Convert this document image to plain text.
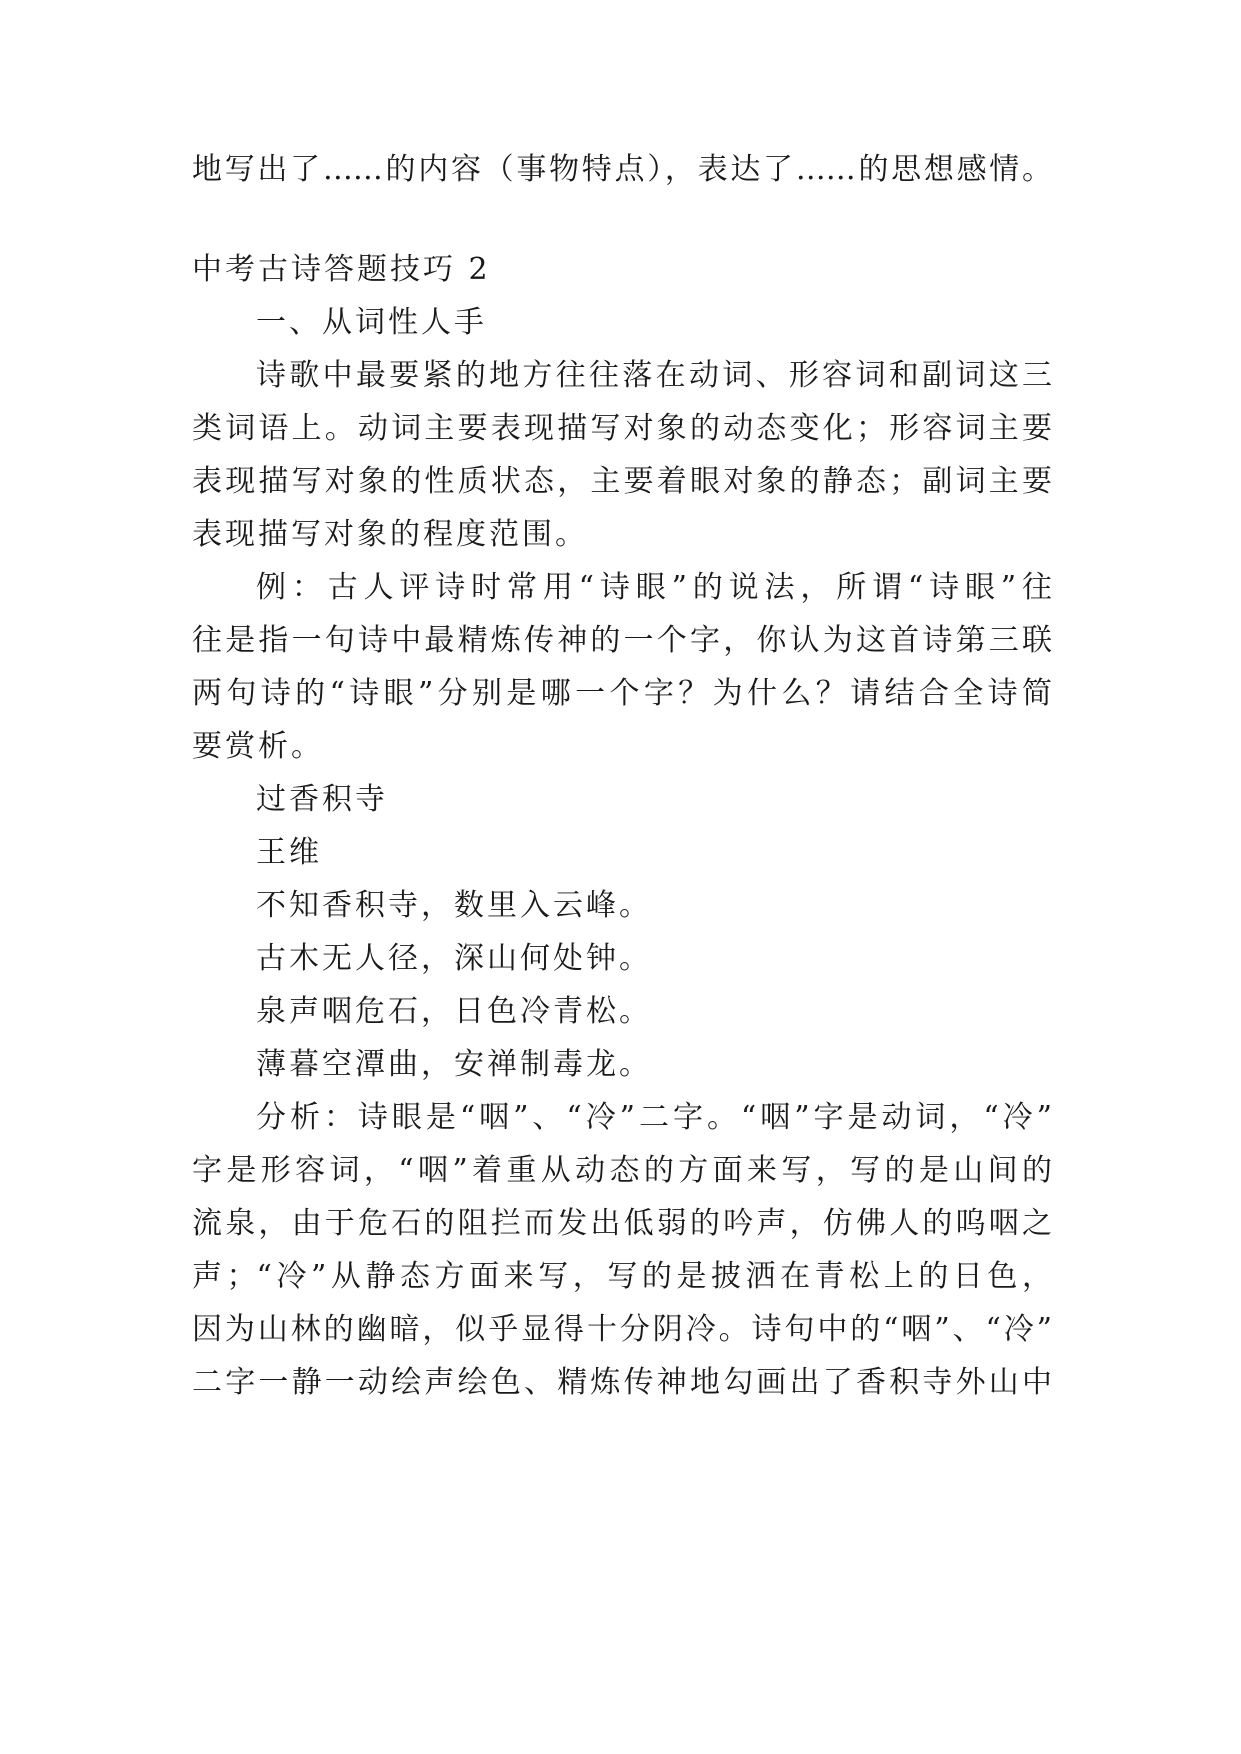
地写出了……的内容（事物特点），表达了……的思想感情。
中考古诗答题技巧 2
一、从词性人手
诗歌中最要紧的地方往往落在动词、形容词和副词这三
类词语上。动词主要表现描写对象的动态变化；形容词主要
表现描写对象的性质状态，主要着眼对象的静态；副词主要
表现描写对象的程度范围。
例：古人评诗时常用“诗眼”的说法，所谓“诗眼”往
往是指一句诗中最精炼传神的一个字，你认为这首诗第三联
两句诗的“诗眼”分别是哪一个字？为什么？请结合全诗简
要赏析。
过香积寺
王维
不知香积寺，数里入云峰。
古木无人径，深山何处钟。
泉声咽危石，日色冷青松。
薄暮空潭曲，安禅制毒龙。
分析：诗眼是“咽”、“冷”二字。“咽”字是动词，“冷”
字是形容词，“咽”着重从动态的方面来写，写的是山间的
流泉，由于危石的阻拦而发出低弱的吟声，仿佛人的呜咽之
声；“冷”从静态方面来写，写的是披洒在青松上的日色，
因为山林的幽暗，似乎显得十分阴冷。诗句中的“咽”、“冷”
二字一静一动绘声绘色、精炼传神地勾画出了香积寺外山中
